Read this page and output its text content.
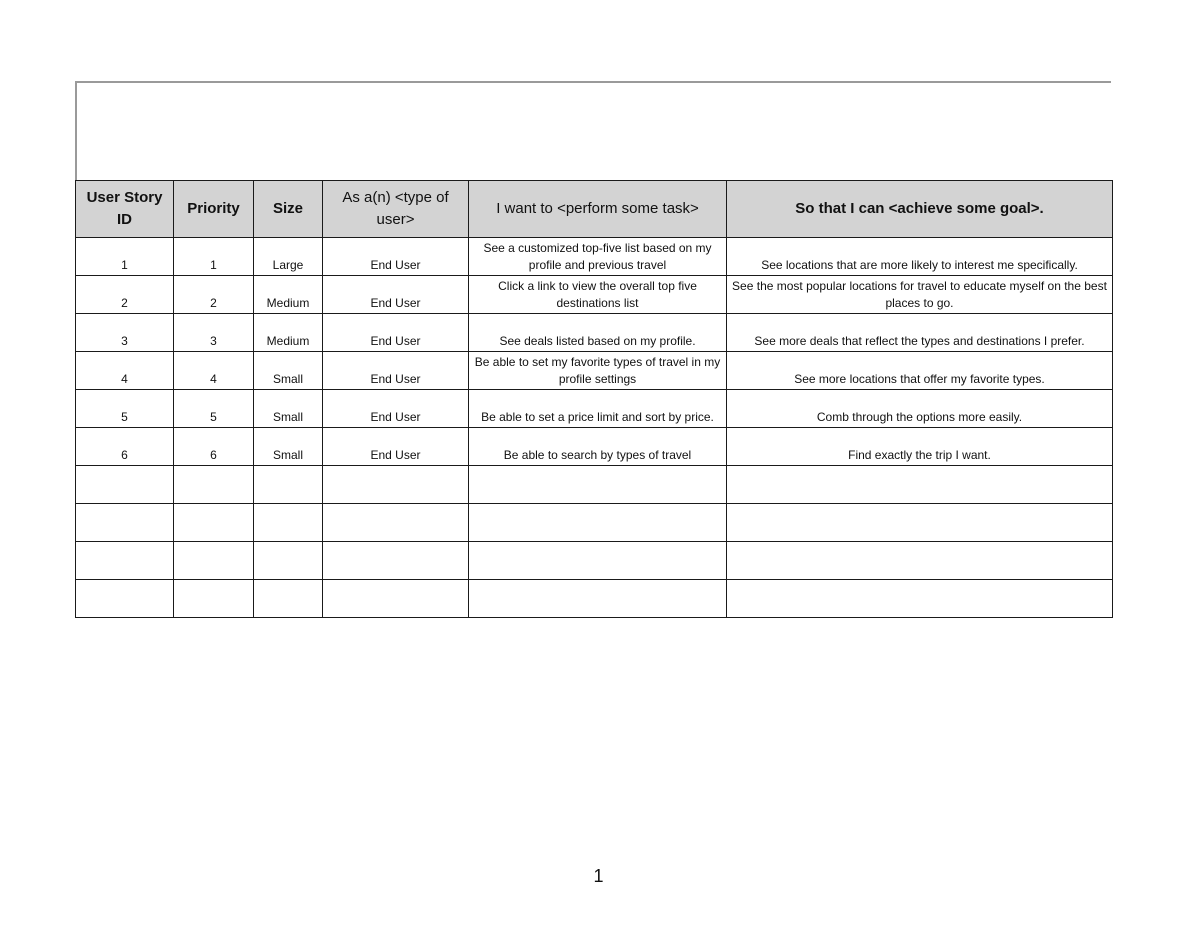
User Story ID	Priority	Size	As a(n) <type of user>	I want to <perform some task>	So that I can <achieve some goal>.
1	1	Large	End User	See a customized top-five list based on my profile and previous travel	See locations that are more likely to interest me specifically.
2	2	Medium	End User	Click a link to view the overall top five destinations list	See the most popular locations for travel to educate myself on the best places to go.
3	3	Medium	End User	See deals listed based on my profile.	See more deals that reflect the types and destinations I prefer.
4	4	Small	End User	Be able to set my favorite types of travel in my profile settings	See more locations that offer my favorite types.
5	5	Small	End User	Be able to set a price limit and sort by price.	Comb through the options more easily.
6	6	Small	End User	Be able to search by types of travel	Find exactly the trip I want.

1
